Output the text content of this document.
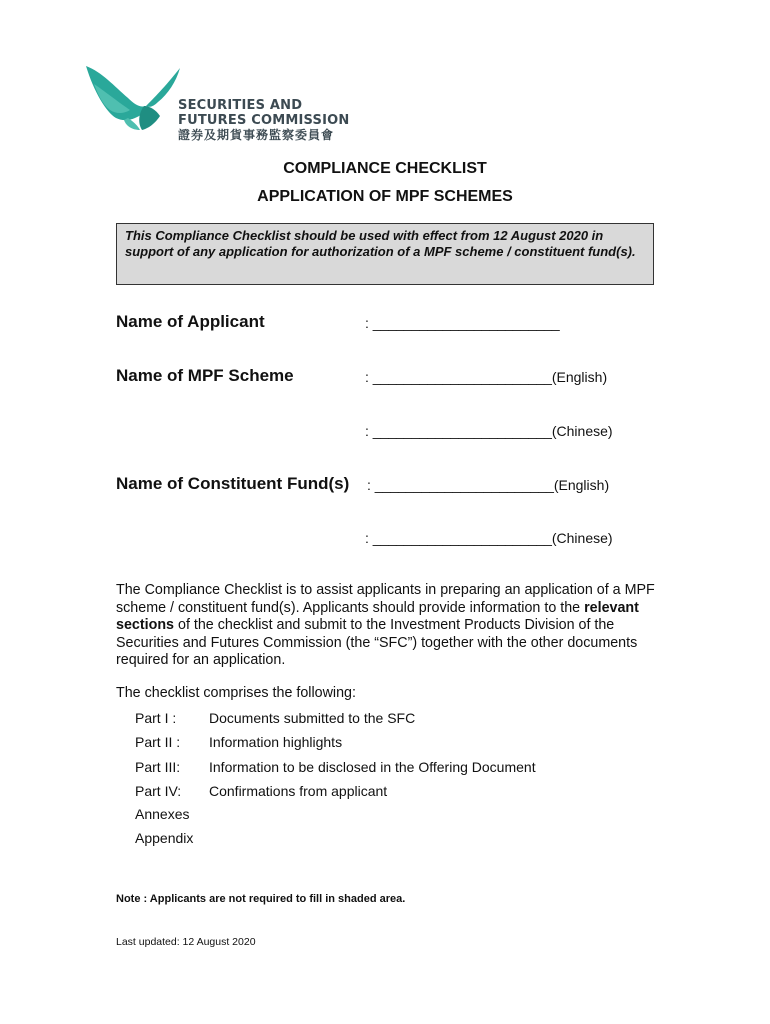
SECURITIES AND
FUTURES COMMISSION
證券及期貨事務監察委員會
COMPLIANCE CHECKLIST
APPLICATION OF MPF SCHEMES
This Compliance Checklist should be used with effect from 12 August 2020 in support of any application for authorization of a MPF scheme / constituent fund(s).
Name of Applicant	: ________________________
Name of MPF Scheme	: _______________________(English)
: _______________________(Chinese)
Name of Constituent Fund(s) : _______________________(English)
: _______________________(Chinese)
The Compliance Checklist is to assist applicants in preparing an application of a MPF scheme / constituent fund(s). Applicants should provide information to the relevant sections of the checklist and submit to the Investment Products Division of the Securities and Futures Commission (the “SFC”) together with the other documents required for an application.
The checklist comprises the following:
Part I : Documents submitted to the SFC
Part II : Information highlights
Part III: Information to be disclosed in the Offering Document
Part IV: Confirmations from applicant
Annexes
Appendix
Note : Applicants are not required to fill in shaded area.
Last updated: 12 August 2020
